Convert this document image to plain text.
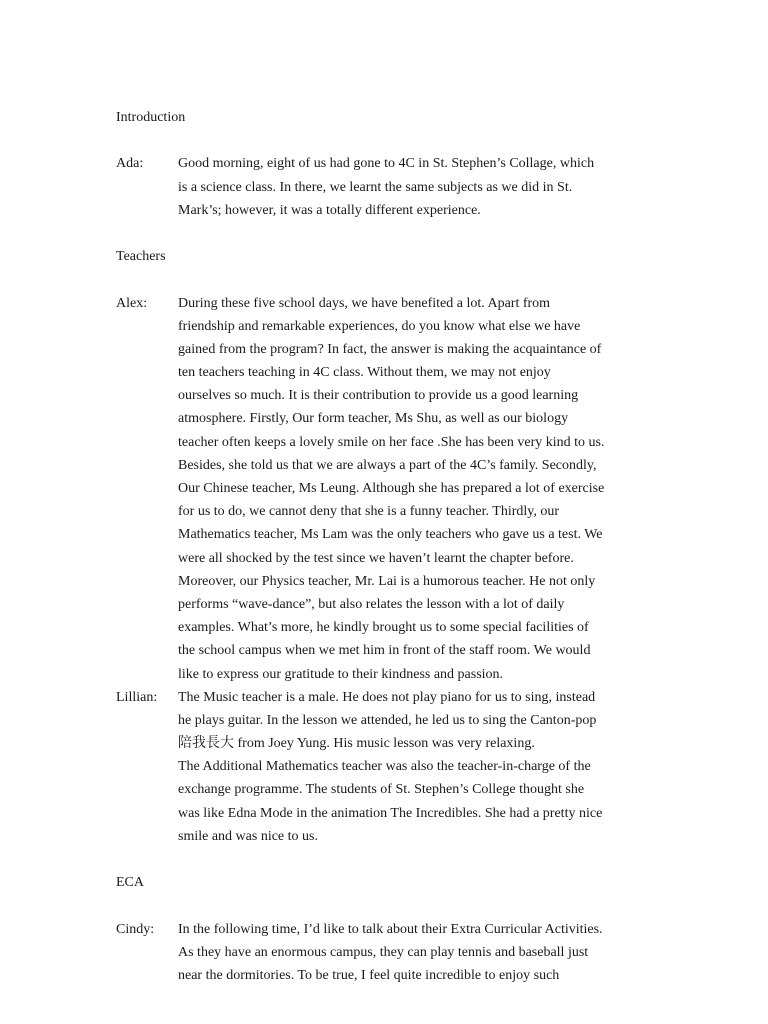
Introduction
Ada:	Good morning, eight of us had gone to 4C in St. Stephen’s Collage, which
is a science class. In there, we learnt the same subjects as we did in St.
Mark’s; however, it was a totally different experience.
Teachers
Alex:	During these five school days, we have benefited a lot. Apart from
friendship and remarkable experiences, do you know what else we have
gained from the program? In fact, the answer is making the acquaintance of
ten teachers teaching in 4C class. Without them, we may not enjoy
ourselves so much. It is their contribution to provide us a good learning
atmosphere. Firstly, Our form teacher, Ms Shu, as well as our biology
teacher often keeps a lovely smile on her face .She has been very kind to us.
Besides, she told us that we are always a part of the 4C’s family. Secondly,
Our Chinese teacher, Ms Leung. Although she has prepared a lot of exercise
for us to do, we cannot deny that she is a funny teacher. Thirdly, our
Mathematics teacher, Ms Lam was the only teachers who gave us a test. We
were all shocked by the test since we haven’t learnt the chapter before.
Moreover, our Physics teacher, Mr. Lai is a humorous teacher. He not only
performs “wave-dance”, but also relates the lesson with a lot of daily
examples. What’s more, he kindly brought us to some special facilities of
the school campus when we met him in front of the staff room. We would
like to express our gratitude to their kindness and passion.
Lillian:	The Music teacher is a male. He does not play piano for us to sing, instead
he plays guitar. In the lesson we attended, he led us to sing the Canton-pop
陪我長大 from Joey Yung. His music lesson was very relaxing.
The Additional Mathematics teacher was also the teacher-in-charge of the
exchange programme. The students of St. Stephen’s College thought she
was like Edna Mode in the animation The Incredibles. She had a pretty nice
smile and was nice to us.
ECA
Cindy:	In the following time, I’d like to talk about their Extra Curricular Activities.
As they have an enormous campus, they can play tennis and baseball just
near the dormitories. To be true, I feel quite incredible to enjoy such
